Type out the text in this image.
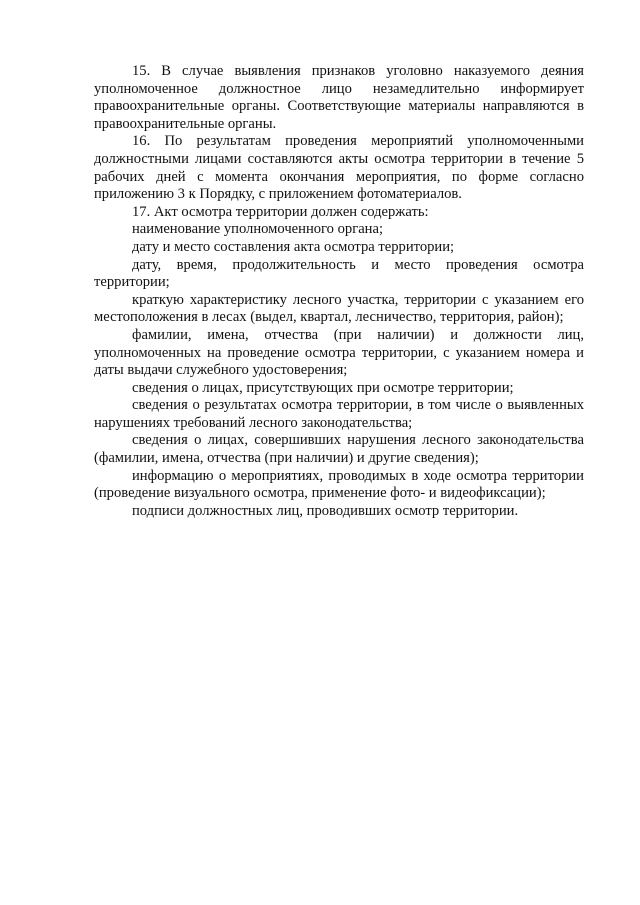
15. В случае выявления признаков уголовно наказуемого деяния уполномоченное должностное лицо незамедлительно информирует правоохранительные органы. Соответствующие материалы направляются в правоохранительные органы.

16. По результатам проведения мероприятий уполномоченными должностными лицами составляются акты осмотра территории в течение 5 рабочих дней с момента окончания мероприятия, по форме согласно приложению 3 к Порядку, с приложением фотоматериалов.

17. Акт осмотра территории должен содержать:

наименование уполномоченного органа;

дату и место составления акта осмотра территории;

дату, время, продолжительность и место проведения осмотра территории;

краткую характеристику лесного участка, территории с указанием его местоположения в лесах (выдел, квартал, лесничество, территория, район);

фамилии, имена, отчества (при наличии) и должности лиц, уполномоченных на проведение осмотра территории, с указанием номера и даты выдачи служебного удостоверения;

сведения о лицах, присутствующих при осмотре территории;

сведения о результатах осмотра территории, в том числе о выявленных нарушениях требований лесного законодательства;

сведения о лицах, совершивших нарушения лесного законодательства (фамилии, имена, отчества (при наличии) и другие сведения);

информацию о мероприятиях, проводимых в ходе осмотра территории (проведение визуального осмотра, применение фото- и видеофиксации);

подписи должностных лиц, проводивших осмотр территории.
